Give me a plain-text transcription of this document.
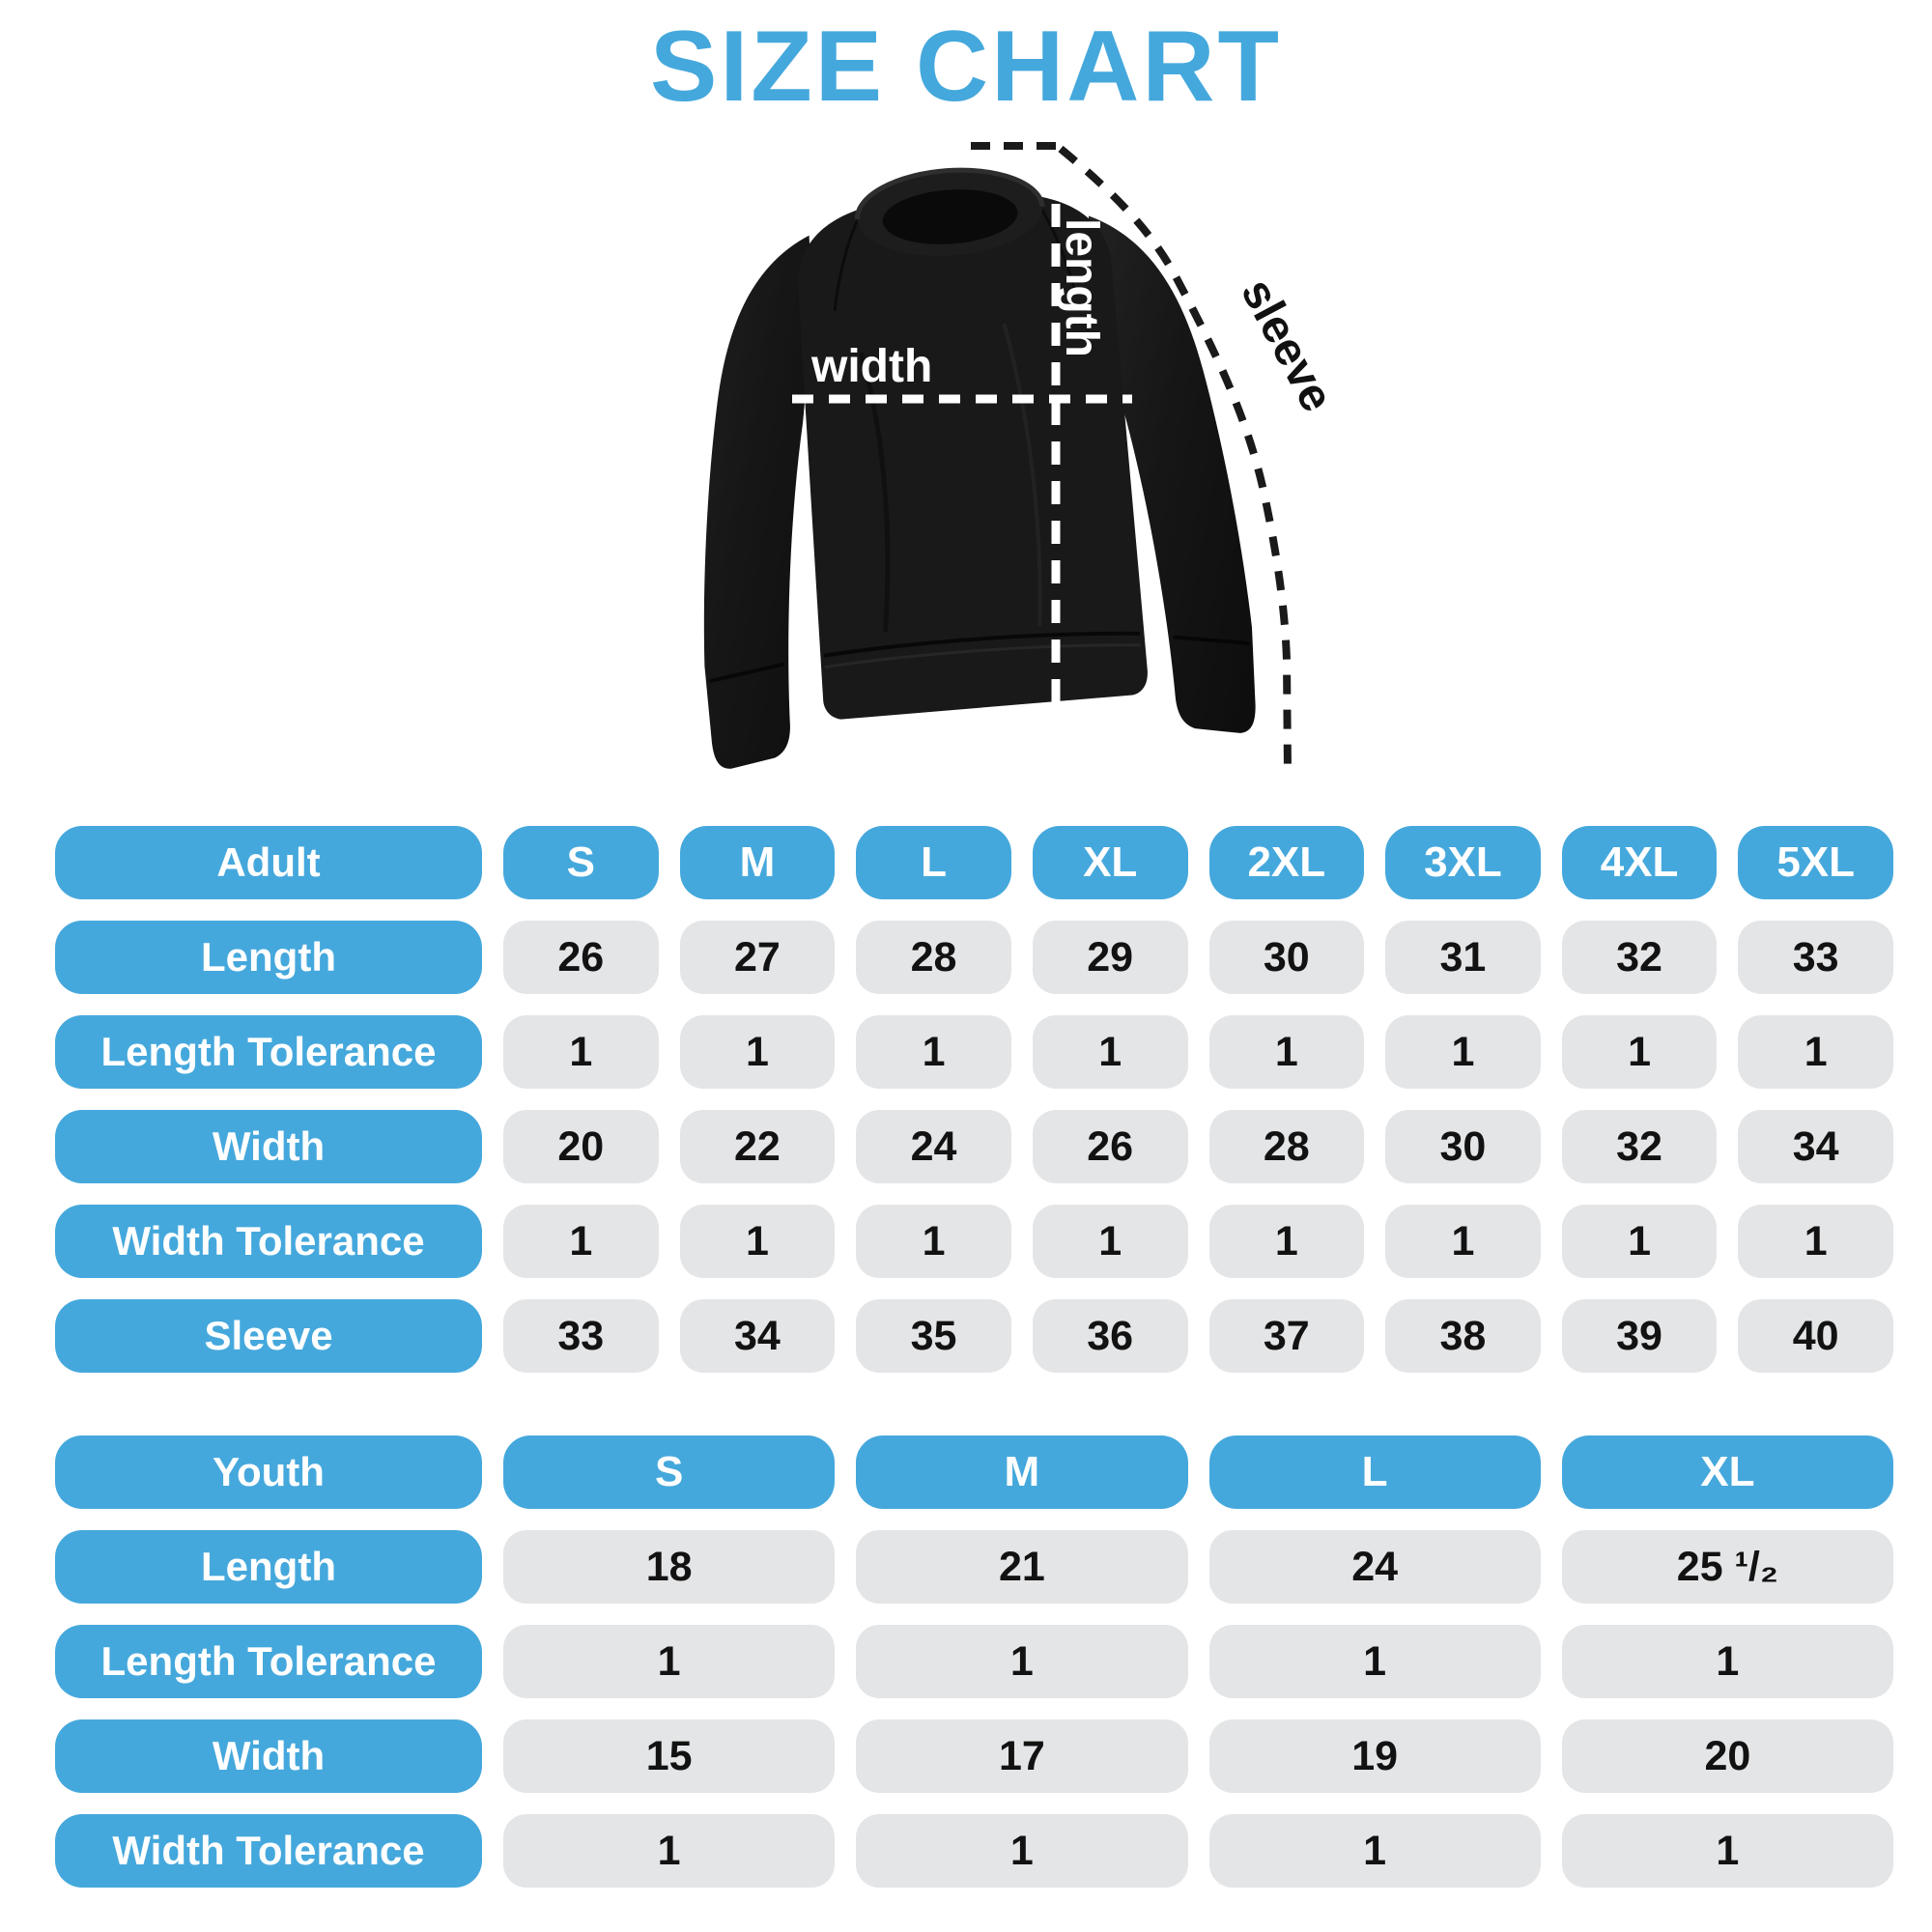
SIZE CHART
width
length	sleeve
Adult	S	M	L	XL	2XL	3XL	4XL	5XL
Length	26	27	28	29	30	31	32	33
Length Tolerance	1	1	1	1	1	1	1	1
Width	20	22	24	26	28	30	32	34
Width Tolerance	1	1	1	1	1	1	1	1
Sleeve	33	34	35	36	37	38	39	40
Youth	S	M	L	XL
Length	18	21	24	25 ¹/₂
Length Tolerance	1	1	1	1
Width	15	17	19	20
Width Tolerance	1	1	1	1
